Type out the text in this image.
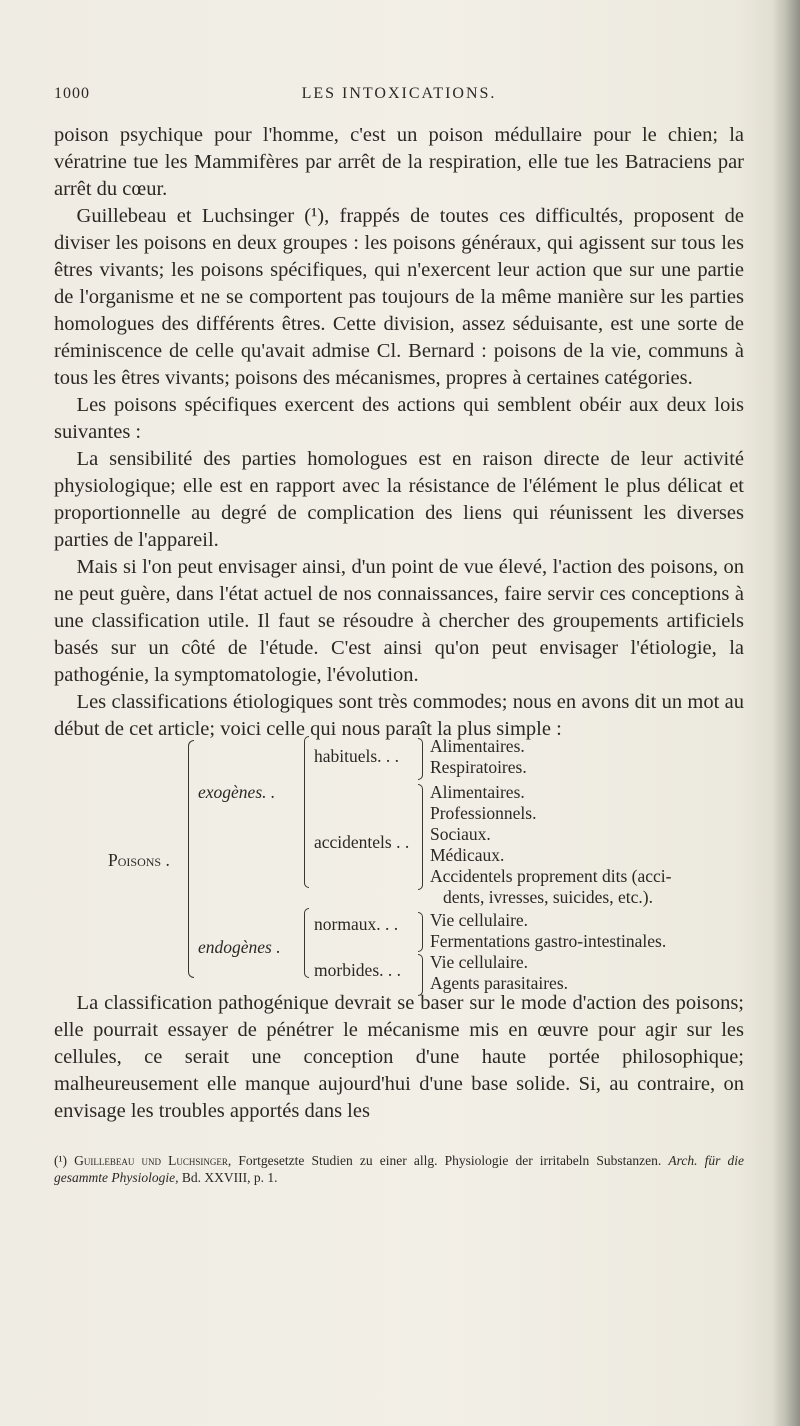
1000	LES INTOXICATIONS.

poison psychique pour l'homme, c'est un poison médullaire pour le chien; la vératrine tue les Mammifères par arrêt de la respiration, elle tue les Batraciens par arrêt du cœur.

Guillebeau et Luchsinger (¹), frappés de toutes ces difficultés, proposent de diviser les poisons en deux groupes : les poisons généraux, qui agissent sur tous les êtres vivants; les poisons spécifiques, qui n'exercent leur action que sur une partie de l'organisme et ne se comportent pas toujours de la même manière sur les parties homologues des différents êtres. Cette division, assez séduisante, est une sorte de réminiscence de celle qu'avait admise Cl. Bernard : poisons de la vie, communs à tous les êtres vivants; poisons des mécanismes, propres à certaines catégories.

Les poisons spécifiques exercent des actions qui semblent obéir aux deux lois suivantes :

La sensibilité des parties homologues est en raison directe de leur activité physiologique; elle est en rapport avec la résistance de l'élément le plus délicat et proportionnelle au degré de complication des liens qui réunissent les diverses parties de l'appareil.

Mais si l'on peut envisager ainsi, d'un point de vue élevé, l'action des poisons, on ne peut guère, dans l'état actuel de nos connaissances, faire servir ces conceptions à une classification utile. Il faut se résoudre à chercher des groupements artificiels basés sur un côté de l'étude. C'est ainsi qu'on peut envisager l'étiologie, la pathogénie, la symptomatologie, l'évolution.

Les classifications étiologiques sont très commodes; nous en avons dit un mot au début de cet article; voici celle qui nous paraît la plus simple :

Poisons .
exogènes. .
habituels. . . Alimentaires.
Respiratoires.
accidentels . .
Alimentaires.
Professionnels.
Sociaux.
Médicaux.
Accidentels proprement dits (acci-
dents, ivresses, suicides, etc.).
endogènes .
normaux. . . Vie cellulaire.
Fermentations gastro-intestinales.
morbides. . . Vie cellulaire.
Agents parasitaires.

La classification pathogénique devrait se baser sur le mode d'action des poisons; elle pourrait essayer de pénétrer le mécanisme mis en œuvre pour agir sur les cellules, ce serait une conception d'une haute portée philosophique; malheureusement elle manque aujourd'hui d'une base solide. Si, au contraire, on envisage les troubles apportés dans les

(¹) Guillebeau und Luchsinger, Fortgesetzte Studien zu einer allg. Physiologie der irritabeln Substanzen. Arch. für die gesammte Physiologie, Bd. XXVIII, p. 1.
